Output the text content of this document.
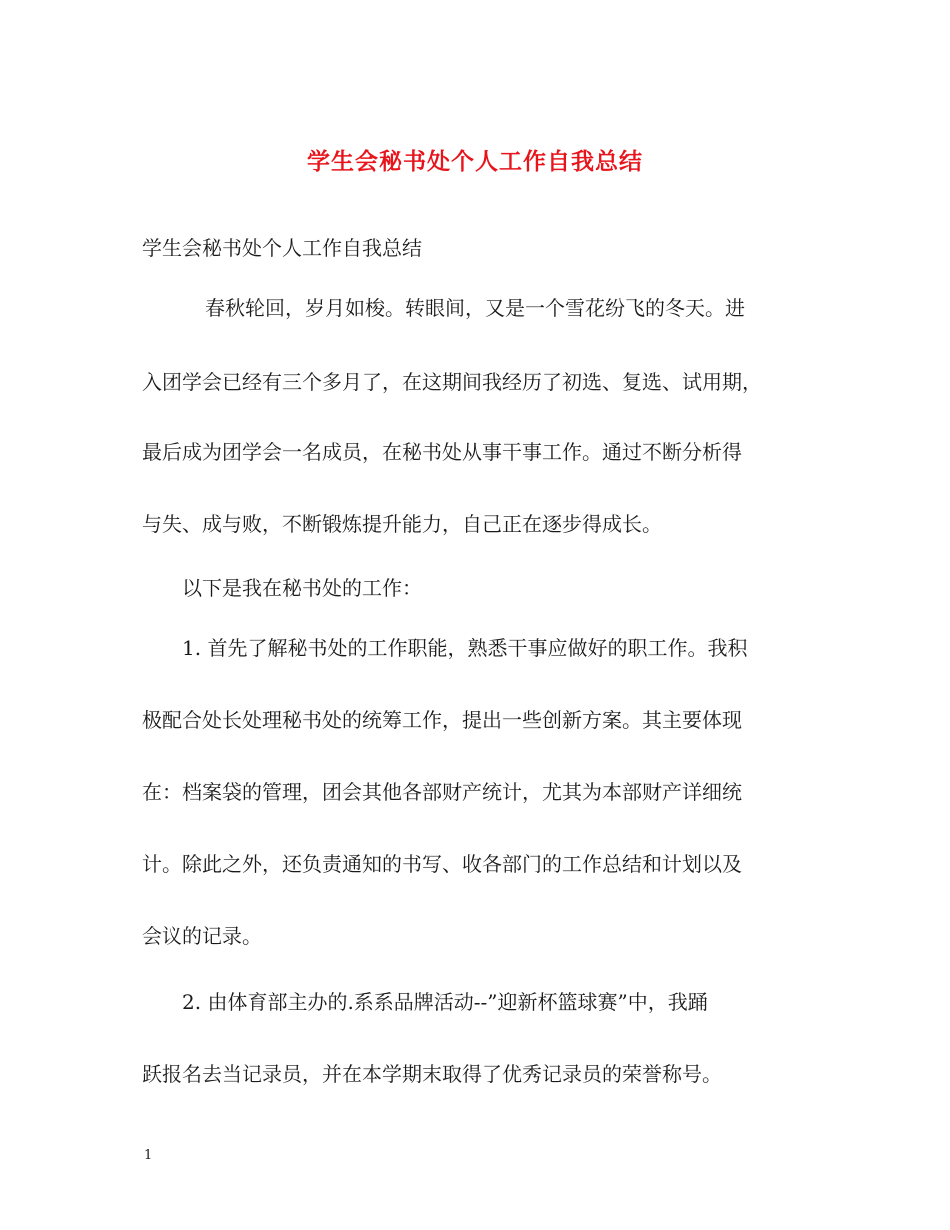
学生会秘书处个人工作自我总结
学生会秘书处个人工作自我总结
春秋轮回，岁月如梭。转眼间，又是一个雪花纷飞的冬天。进
入团学会已经有三个多月了，在这期间我经历了初选、复选、试用期，
最后成为团学会一名成员，在秘书处从事干事工作。通过不断分析得
与失、成与败，不断锻炼提升能力，自己正在逐步得成长。
以下是我在秘书处的工作：
1. 首先了解秘书处的工作职能，熟悉干事应做好的职工作。我积
极配合处长处理秘书处的统筹工作，提出一些创新方案。其主要体现
在：档案袋的管理，团会其他各部财产统计，尤其为本部财产详细统
计。除此之外，还负责通知的书写、收各部门的工作总结和计划以及
会议的记录。
2. 由体育部主办的.系系品牌活动--”迎新杯篮球赛”中，我踊
跃报名去当记录员，并在本学期末取得了优秀记录员的荣誉称号。
1
